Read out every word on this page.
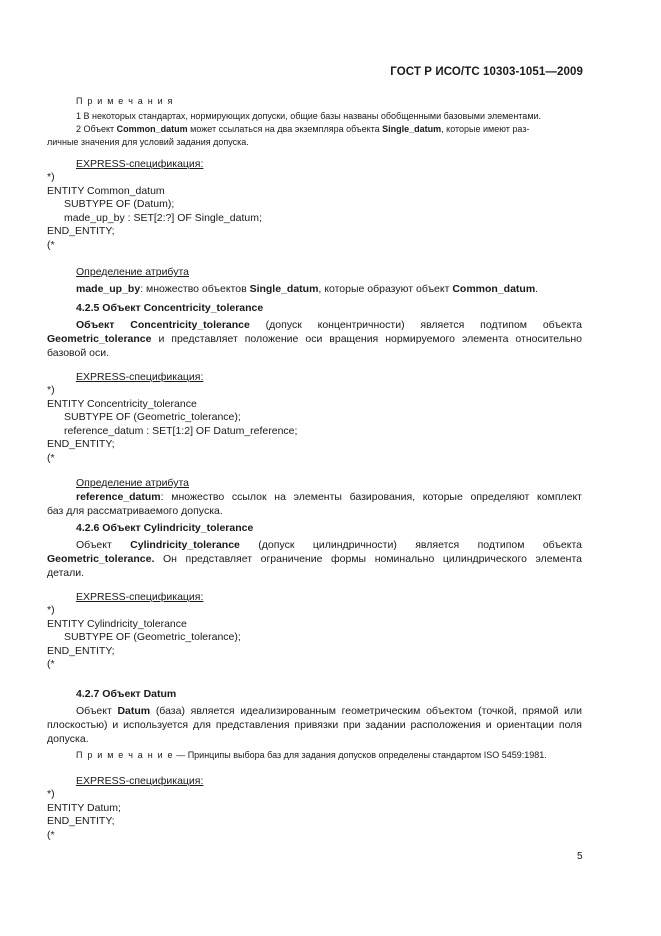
ГОСТ Р ИСО/ТС 10303-1051—2009

П р и м е ч а н и я

1 В некоторых стандартах, нормирующих допуски, общие базы названы обобщенными базовыми элементами.

2 Объект Common_datum может ссылаться на два экземпляра объекта Single_datum, которые имеют раз-

личные значения для условий задания допуска.

EXPRESS-спецификация:

*)
ENTITY Common_datum
SUBTYPE OF (Datum);
made_up_by : SET[2:?] OF Single_datum;
END_ENTITY;
(*

Определение атрибута

made_up_by: множество объектов Single_datum, которые образуют объект Common_datum.

4.2.5 Объект Concentricity_tolerance

Объект Concentricity_tolerance (допуск концентричности) является подтипом объекта

Geometric_tolerance и представляет положение оси вращения нормируемого элемента относительно

базовой оси.

EXPRESS-спецификация:

*)
ENTITY Concentricity_tolerance
SUBTYPE OF (Geometric_tolerance);
reference_datum : SET[1:2] OF Datum_reference;
END_ENTITY;
(*

Определение атрибута

reference_datum: множество ссылок на элементы базирования, которые определяют комплект

баз для рассматриваемого допуска.

4.2.6 Объект Cylindricity_tolerance

Объект Cylindricity_tolerance (допуск цилиндричности) является подтипом объекта

Geometric_tolerance. Он представляет ограничение формы номинально цилиндрического элемента

детали.

EXPRESS-спецификация:

*)
ENTITY Cylindricity_tolerance
SUBTYPE OF (Geometric_tolerance);
END_ENTITY;
(*

4.2.7 Объект Datum

Объект Datum (база) является идеализированным геометрическим объектом (точкой, прямой или

плоскостью) и используется для представления привязки при задании расположения и ориентации поля

допуска.

П р и м е ч а н и е — Принципы выбора баз для задания допусков определены стандартом ISO 5459:1981.

EXPRESS-спецификация:

*)
ENTITY Datum;
END_ENTITY;
(*
5
